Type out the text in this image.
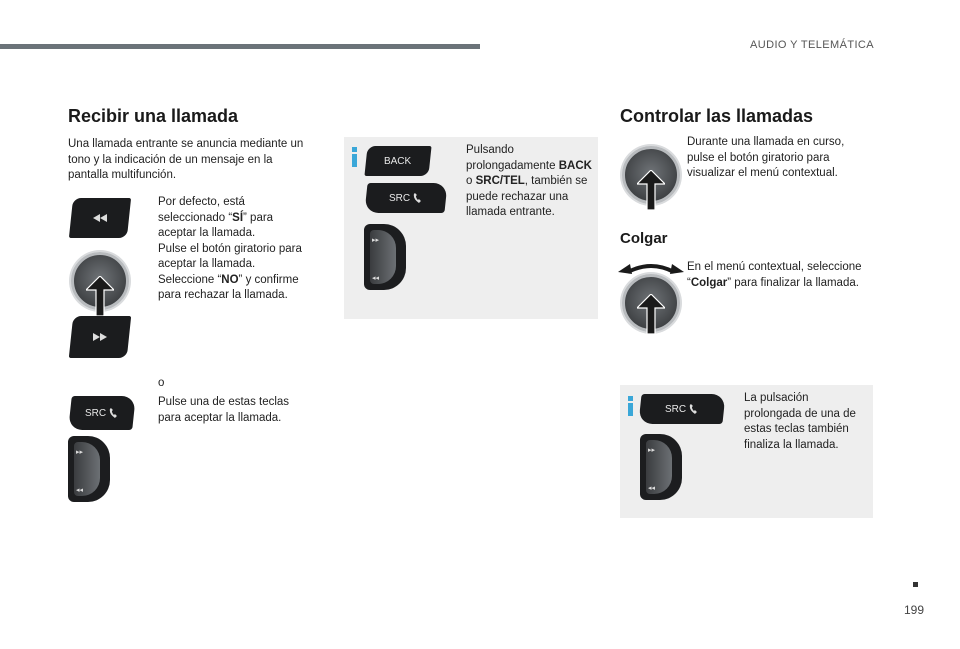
AUDIO Y TELEMÁTICA
Recibir una llamada
Una llamada entrante se anuncia mediante un tono y la indicación de un mensaje en la pantalla multifunción.

Por defecto, está seleccionado “SÍ” para aceptar la llamada.

Pulse el botón giratorio para aceptar la llamada.

Seleccione “NO” y confirme para rechazar la llamada.

o
SRC
Pulse una de estas teclas para aceptar la llamada.
▸▸
◂◂
BACK
SRC
▸▸
◂◂
Pulsando prolongadamente BACK
o SRC/TEL, también se puede rechazar una llamada entrante.
Controlar las llamadas
Durante una llamada en curso, pulse el botón giratorio para visualizar el menú contextual.
Colgar
En el menú contextual, seleccione “Colgar” para finalizar la llamada.
SRC
▸▸
◂◂
La pulsación prolongada de una de estas teclas también finaliza la llamada.
199
